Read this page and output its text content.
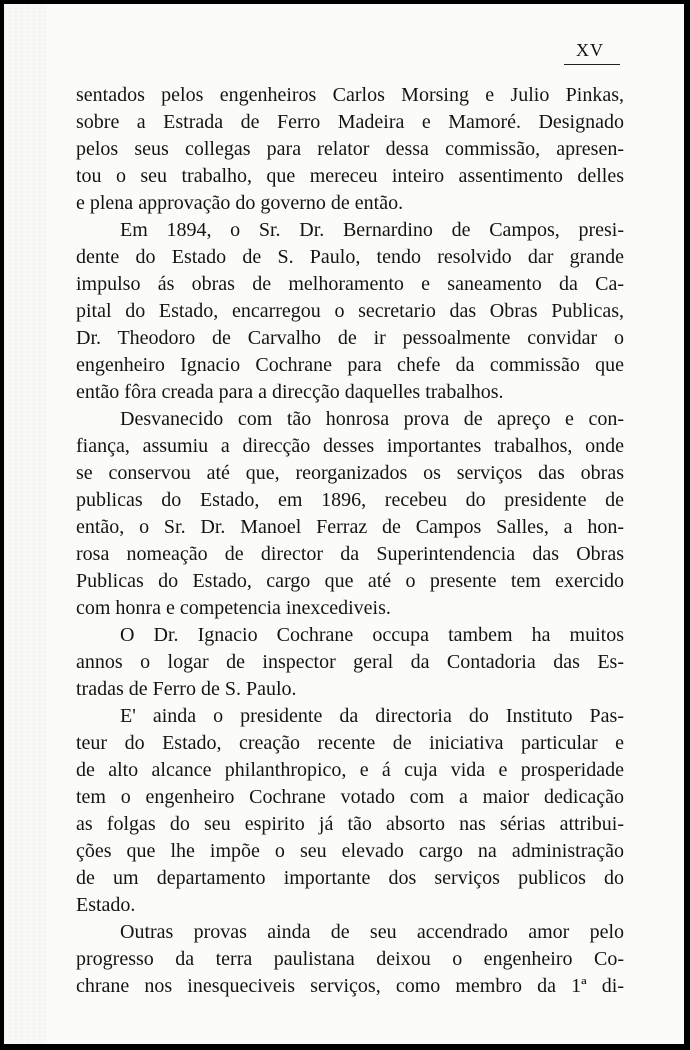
XV
sentados pelos engenheiros Carlos Morsing e Julio Pinkas,
sobre a Estrada de Ferro Madeira e Mamoré. Designado
pelos seus collegas para relator dessa commissão, apresen-
tou o seu trabalho, que mereceu inteiro assentimento delles
e plena approvação do governo de então.
Em 1894, o Sr. Dr. Bernardino de Campos, presi-
dente do Estado de S. Paulo, tendo resolvido dar grande
impulso ás obras de melhoramento e saneamento da Ca-
pital do Estado, encarregou o secretario das Obras Publicas,
Dr. Theodoro de Carvalho de ir pessoalmente convidar o
engenheiro Ignacio Cochrane para chefe da commissão que
então fôra creada para a direcção daquelles trabalhos.
Desvanecido com tão honrosa prova de apreço e con-
fiança, assumiu a direcção desses importantes trabalhos, onde
se conservou até que, reorganizados os serviços das obras
publicas do Estado, em 1896, recebeu do presidente de
então, o Sr. Dr. Manoel Ferraz de Campos Salles, a hon-
rosa nomeação de director da Superintendencia das Obras
Publicas do Estado, cargo que até o presente tem exercido
com honra e competencia inexcediveis.
O Dr. Ignacio Cochrane occupa tambem ha muitos
annos o logar de inspector geral da Contadoria das Es-
tradas de Ferro de S. Paulo.
E' ainda o presidente da directoria do Instituto Pas-
teur do Estado, creação recente de iniciativa particular e
de alto alcance philanthropico, e á cuja vida e prosperidade
tem o engenheiro Cochrane votado com a maior dedicação
as folgas do seu espirito já tão absorto nas sérias attribui-
ções que lhe impõe o seu elevado cargo na administração
de um departamento importante dos serviços publicos do
Estado.
Outras provas ainda de seu accendrado amor pelo
progresso da terra paulistana deixou o engenheiro Co-
chrane nos inesqueciveis serviços, como membro da 1ª di-
